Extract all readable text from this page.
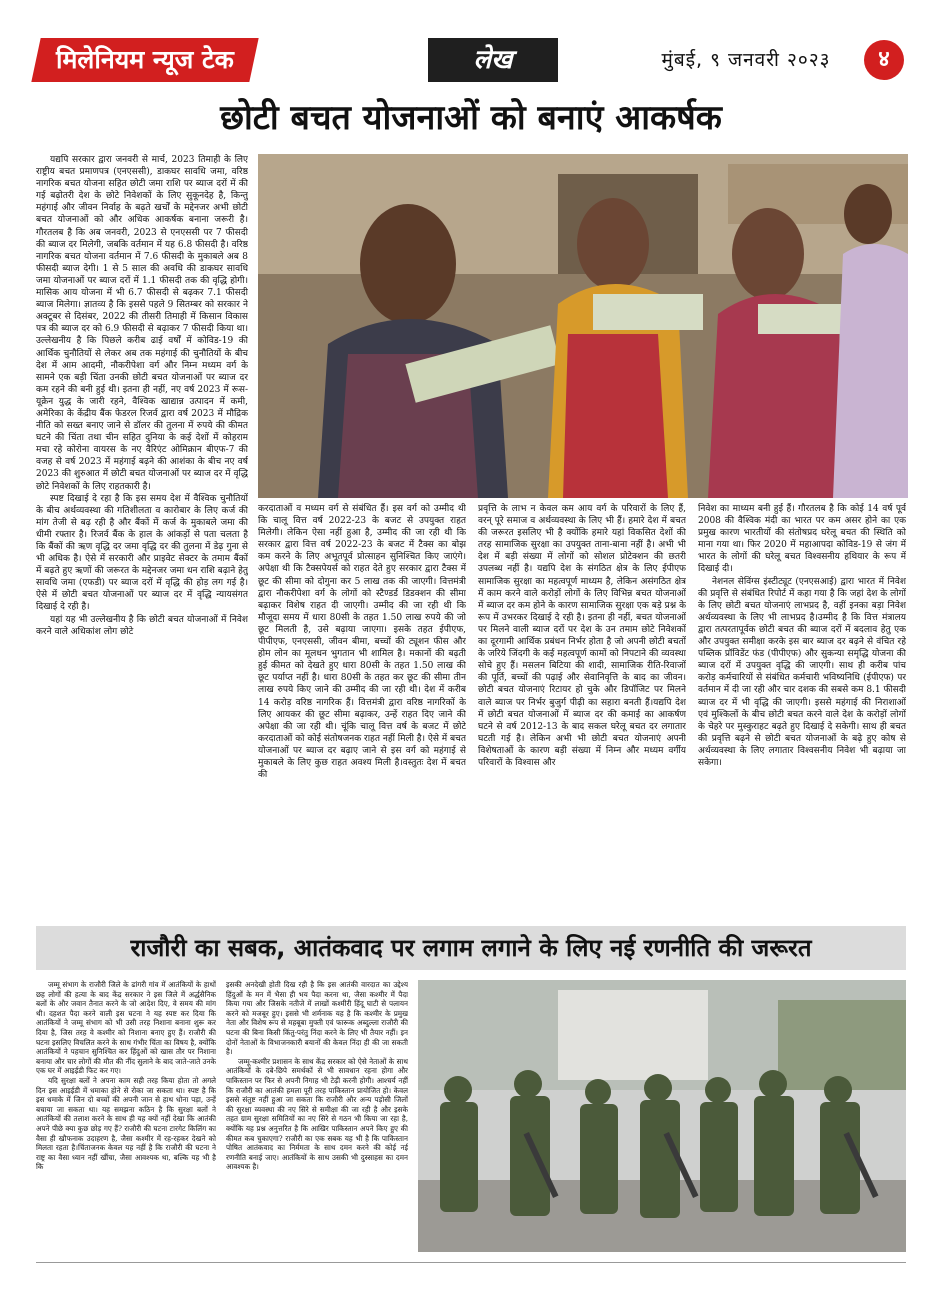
मिलेनियम न्यूज टेक	लेख	मुंबई, ९ जनवरी २०२३	४
छोटी बचत योजनाओं को बनाएं आकर्षक

यद्यपि सरकार द्वारा जनवरी से मार्च, 2023 तिमाही के लिए राष्ट्रीय बचत प्रमाणपत्र (एनएससी), डाकघर सावधि जमा, वरिष्ठ नागरिक बचत योजना सहित छोटी जमा राशि पर ब्याज दरों में की गई बढ़ोतरी देश के छोटे निवेशकों के लिए सुकूनदेह है, किन्तु महंगाई और जीवन निर्वाह के बढ़ते खर्चों के मद्देनजर अभी छोटी बचत योजनाओं को और अधिक आकर्षक बनाना जरूरी है।गौरतलब है कि अब जनवरी, 2023 से एनएससी पर 7 फीसदी की ब्याज दर मिलेगी, जबकि वर्तमान में यह 6.8 फीसदी है। वरिष्ठ नागरिक बचत योजना वर्तमान में 7.6 फीसदी के मुकाबले अब 8 फीसदी ब्याज देगी। 1 से 5 साल की अवधि की डाकघर सावधि जमा योजनाओं पर ब्याज दरों में 1.1 फीसदी तक की वृद्धि होगी। मासिक आय योजना में भी 6.7 फीसदी से बढ़कर 7.1 फीसदी ब्याज मिलेगा। ज्ञातव्य है कि इससे पहले 9 सितम्बर को सरकार ने अक्टूबर से दिसंबर, 2022 की तीसरी तिमाही में किसान विकास पत्र की ब्याज दर को 6.9 फीसदी से बढ़ाकर 7 फीसदी किया था।उल्लेखनीय है कि पिछले करीब ढाई वर्षों में कोविड-19 की आर्थिक चुनौतियों से लेकर अब तक महंगाई की चुनौतियों के बीच देश में आम आदमी, नौकरीपेशा वर्ग और निम्न मध्यम वर्ग के सामने एक बड़ी चिंता उनकी छोटी बचत योजनाओं पर ब्याज दर कम रहने की बनी हुई थी। इतना ही नहीं, नए वर्ष 2023 में रूस-यूक्रेन युद्ध के जारी रहने, वैश्विक खाद्यान्न उत्पादन में कमी, अमेरिका के केंद्रीय बैंक फेडरल रिजर्व द्वारा वर्ष 2023 में मौद्रिक नीति को सख्त बनाए जाने से डॉलर की तुलना में रुपये की कीमत घटने की चिंता तथा चीन सहित दुनिया के कई देशों में कोहराम मचा रहे कोरोना वायरस के नए वैरिएंट ओमिक्रान बीएफ-7 की वजह से वर्ष 2023 में महंगाई बढ़ने की आशंका के बीच नए वर्ष 2023 की शुरुआत में छोटी बचत योजनाओं पर ब्याज दर में वृद्धि छोटे निवेशकों के लिए राहतकारी है।

स्पष्ट दिखाई दे रहा है कि इस समय देश में वैश्विक चुनौतियों के बीच अर्थव्यवस्था की गतिशीलता व कारोबार के लिए कर्ज की मांग तेजी से बढ़ रही है और बैंकों में कर्ज के मुकाबले जमा की धीमी रफ्तार है। रिजर्व बैंक के हाल के आंकड़ों से पता चलता है कि बैंकों की ऋण वृद्धि दर जमा वृद्धि दर की तुलना में डेढ़ गुना से भी अधिक है। ऐसे में सरकारी और प्राइवेट सेक्टर के तमाम बैंकों में बढ़ते हुए ऋणों की जरूरत के मद्देनजर जमा धन राशि बढ़ाने हेतु सावधि जमा (एफडी) पर ब्याज दरों में वृद्धि की होड़ लग गई है। ऐसे में छोटी बचत योजनाओं पर ब्याज दर में वृद्धि न्यायसंगत दिखाई दे रही है।

यहां यह भी उल्लेखनीय है कि छोटी बचत योजनाओं में निवेश करने वाले अधिकांश लोग छोटे

करदाताओं व मध्यम वर्ग से संबंधित हैं। इस वर्ग को उम्मीद थी कि चालू वित्त वर्ष 2022-23 के बजट से उपयुक्त राहत मिलेगी। लेकिन ऐसा नहीं हुआ है, उम्मीद की जा रही थी कि सरकार द्वारा वित्त वर्ष 2022-23 के बजट में टैक्स का बोझ कम करने के लिए अभूतपूर्व प्रोत्साहन सुनिश्चित किए जाएंगे। अपेक्षा थी कि टैक्सपेयर्स को राहत देते हुए सरकार द्वारा टैक्स में छूट की सीमा को दोगुना कर 5 लाख तक की जाएगी। वित्तमंत्री द्वारा नौकरीपेशा वर्ग के लोगों को स्टैण्डर्ड डिडक्शन की सीमा बढ़ाकर विशेष राहत दी जाएगी। उम्मीद की जा रही थी कि मौजूदा समय में धारा 80सी के तहत 1.50 लाख रुपये की जो छूट मिलती है, उसे बढ़ाया जाएगा। इसके तहत ईपीएफ, पीपीएफ, एनएससी, जीवन बीमा, बच्चों की ट्यूशन फीस और होम लोन का मूलधन भुगतान भी शामिल है। मकानों की बढ़ती हुई कीमत को देखते हुए धारा 80सी के तहत 1.50 लाख की छूट पर्याप्त नहीं है। धारा 80सी के तहत कर छूट की सीमा तीन लाख रुपये किए जाने की उम्मीद की जा रही थी। देश में करीब 14 करोड़ वरिष्ठ नागरिक हैं। वित्तमंत्री द्वारा वरिष्ठ नागरिकों के लिए आयकर की छूट सीमा बढ़ाकर, उन्हें राहत दिए जाने की अपेक्षा की जा रही थी। चूंकि चालू वित्त वर्ष के बजट में छोटे करदाताओं को कोई संतोषजनक राहत नहीं मिली है। ऐसे में बचत योजनाओं पर ब्याज दर बढ़ाए जाने से इस वर्ग को महंगाई से मुकाबले के लिए कुछ राहत अवश्य मिली है।वस्तुतः देश में बचत की

प्रवृत्ति के लाभ न केवल कम आय वर्ग के परिवारों के लिए हैं, वरन्‌ पूरे समाज व अर्थव्यवस्था के लिए भी हैं। हमारे देश में बचत की जरूरत इसलिए भी है क्योंकि हमारे यहां विकसित देशों की तरह सामाजिक सुरक्षा का उपयुक्त ताना-बाना नहीं है। अभी भी देश में बड़ी संख्या में लोगों को सोशल प्रोटेक्शन की छतरी उपलब्ध नहीं है। यद्यपि देश के संगठित क्षेत्र के लिए ईपीएफ सामाजिक सुरक्षा का महत्वपूर्ण माध्यम है, लेकिन असंगठित क्षेत्र में काम करने वाले करोड़ों लोगों के लिए विभिन्न बचत योजनाओं में ब्याज दर कम होने के कारण सामाजिक सुरक्षा एक बड़े प्रश्न के रूप में उभरकर दिखाई दे रही है। इतना ही नहीं, बचत योजनाओं पर मिलने वाली ब्याज दरों पर देश के उन तमाम छोटे निवेशकों का दूरगामी आर्थिक प्रबंधन निर्भर होता है जो अपनी छोटी बचतों के जरिये जिंदगी के कई महत्वपूर्ण कामों को निपटाने की व्यवस्था सोचे हुए हैं। मसलन बिटिया की शादी, सामाजिक रीति-रिवाजों की पूर्ति, बच्चों की पढ़ाई और सेवानिवृत्ति के बाद का जीवन। छोटी बचत योजनाएं रिटायर हो चुके और डिपॉजिट पर मिलने वाले ब्याज पर निर्भर बुजुर्ग पीढ़ी का सहारा बनती हैं।यद्यपि देश में छोटी बचत योजनाओं में ब्याज दर की कमाई का आकर्षण घटने से वर्ष 2012-13 के बाद सकल घरेलू बचत दर लगातार घटती गई है। लेकिन अभी भी छोटी बचत योजनाएं अपनी विशेषताओं के कारण बड़ी संख्या में निम्न और मध्यम वर्गीय परिवारों के विश्वास और

निवेश का माध्यम बनी हुई हैं। गौरतलब है कि कोई 14 वर्ष पूर्व 2008 की वैश्विक मंदी का भारत पर कम असर होने का एक प्रमुख कारण भारतीयों की संतोषप्रद घरेलू बचत की स्थिति को माना गया था। फिर 2020 में महाआपदा कोविड-19 से जंग में भारत के लोगों की घरेलू बचत विश्वसनीय हथियार के रूप में दिखाई दी।

नेशनल सेविंग्स इंस्टीट्यूट (एनएसआई) द्वारा भारत में निवेश की प्रवृत्ति से संबंधित रिपोर्ट में कहा गया है कि जहां देश के लोगों के लिए छोटी बचत योजनाएं लाभप्रद है, वहीं इनका बड़ा निवेश अर्थव्यवस्था के लिए भी लाभप्रद है।उम्मीद है कि वित्त मंत्रालय द्वारा तत्परतापूर्वक छोटी बचत की ब्याज दरों में बदलाव हेतु एक और उपयुक्त समीक्षा करके इस बार ब्याज दर बढ़ने से वंचित रहे पब्लिक प्रॉविडेंट फंड (पीपीएफ) और सुकन्या समृद्धि योजना की ब्याज दरों में उपयुक्त वृद्धि की जाएगी। साथ ही करीब पांच करोड़ कर्मचारियों से संबंधित कर्मचारी भविष्यनिधि (ईपीएफ) पर वर्तमान में दी जा रही और चार दशक की सबसे कम 8.1 फीसदी ब्याज दर में भी वृद्धि की जाएगी। इससे महंगाई की निराशाओं एवं मुश्किलों के बीच छोटी बचत करने वाले देश के करोड़ों लोगों के चेहरे पर मुस्कुराहट बढ़ते हुए दिखाई दे सकेगी। साथ ही बचत की प्रवृत्ति बढ़ने से छोटी बचत योजनाओं के बढ़े हुए कोष से अर्थव्यवस्था के लिए लगातार विश्वसनीय निवेश भी बढ़ाया जा सकेगा।

राजौरी का सबक, आतंकवाद पर लगाम लगाने के लिए नई रणनीति की जरूरत

जम्मू संभाग के राजौरी जिले के ढांगरी गांव में आतंकियों के हाथों छह लोगों की हत्या के बाद केंद्र सरकार ने इस जिले में अर्द्धसैनिक बलों के और जवान तैनात करने के जो आदेश दिए, वे समय की मांग थी। दहशत पैदा करने वाली इस घटना ने यह स्पष्ट कर दिया कि आतंकियों ने जम्मू संभाग को भी उसी तरह निशाना बनाना शुरू कर दिया है, जिस तरह वे कश्मीर को निशाना बनाए हुए हैं। राजौरी की घटना इसलिए विचलित करने के साथ गंभीर चिंता का विषय है, क्योंकि आतंकियों ने पहचान सुनिश्चित कर हिंदुओं को खास तौर पर निशाना बनाया और चार लोगों की मौत की नींद सुलाने के बाद जाते-जाते उनके एक घर में आइईडी फिट कर गए।

यदि सुरक्षा बलों ने अपना काम सही तरह किया होता तो अगले दिन इस आइईडी में धमाका होने से रोका जा सकता था। स्पष्ट है कि इस धमाके में जिन दो बच्चों की अपनी जान से हाथ धोना पड़ा, उन्हें बचाया जा सकता था। यह समझना कठिन है कि सुरक्षा बलों ने आतंकियों की तलाश करने के साथ ही यह क्यों नहीं देखा कि आतंकी अपने पीछे क्या कुछ छोड़ गए हैं? राजौरी की घटना टारगेट किलिंग का वैसा ही खौफनाक उदाहरण है, जैसा कश्मीर में रह-रहकर देखने को मिलता रहता है।चिंताजनक केवल यह नहीं है कि राजौरी की घटना ने राष्ट्र का वैसा ध्यान नहीं खींचा, जैसा आवश्यक था, बल्कि यह भी है कि

इसकी अनदेखी होती दिख रही है कि इस आतंकी वारदात का उद्देश्य हिंदुओं के मन में भैसा ही भय पैदा करना था, जैसा कश्मीर में पैदा किया गया और जिसके नतीजे में लाखों कश्मीरी हिंदू घाटी से पलायन करने को मजबूर हुए। इससे भी शर्मनाक यह है कि कश्मीर के प्रमुख नेता और विशेष रूप से महबूबा मुफ्ती एवं फारूक अब्दुल्ला राजौरी की घटना की बिना किसी किंतु-परंतु निंदा करने के लिए भी तैयार नहीं। इन दोनों नेताओं के विभाजनकारी बयानों की केवल निंदा ही की जा सकती है।

जम्मू-कश्मीर प्रशासन के साथ केंद्र सरकार को ऐसे नेताओं के साथ आतंकियों के दबे-छिपे समर्थकों से भी सावधान रहना होगा और पाकिस्तान पर फिर से अपनी निगाह भी टेढ़ी करनी होगी। आश्चर्य नहीं कि राजौरी का आतंकी हमला पूरी तरह पाकिस्तान प्रायोजित हो। केवल इससे संतुष्ट नहीं हुआ जा सकता कि राजौरी और अन्य पड़ोसी जिलों की सुरक्षा व्यवस्था की नए सिरे से समीक्षा की जा रही है और इसके तहत ग्राम सुरक्षा समितियों का नए सिरे से गठन भी किया जा रहा है, क्योंकि यह प्रश्न अनुत्तरित है कि आखिर पाकिस्तान अपने किए हुए की कीमत कब चुकाएगा? राजौरी का एक सबक यह भी है कि पाकिस्तान पोषित आतंकवाद का निर्ममता के साथ दमन करने की कोई नई रणनीति बनाई जाए। आतंकियों के साथ उसकी भी दुस्साहस का दमन आवश्यक है।
